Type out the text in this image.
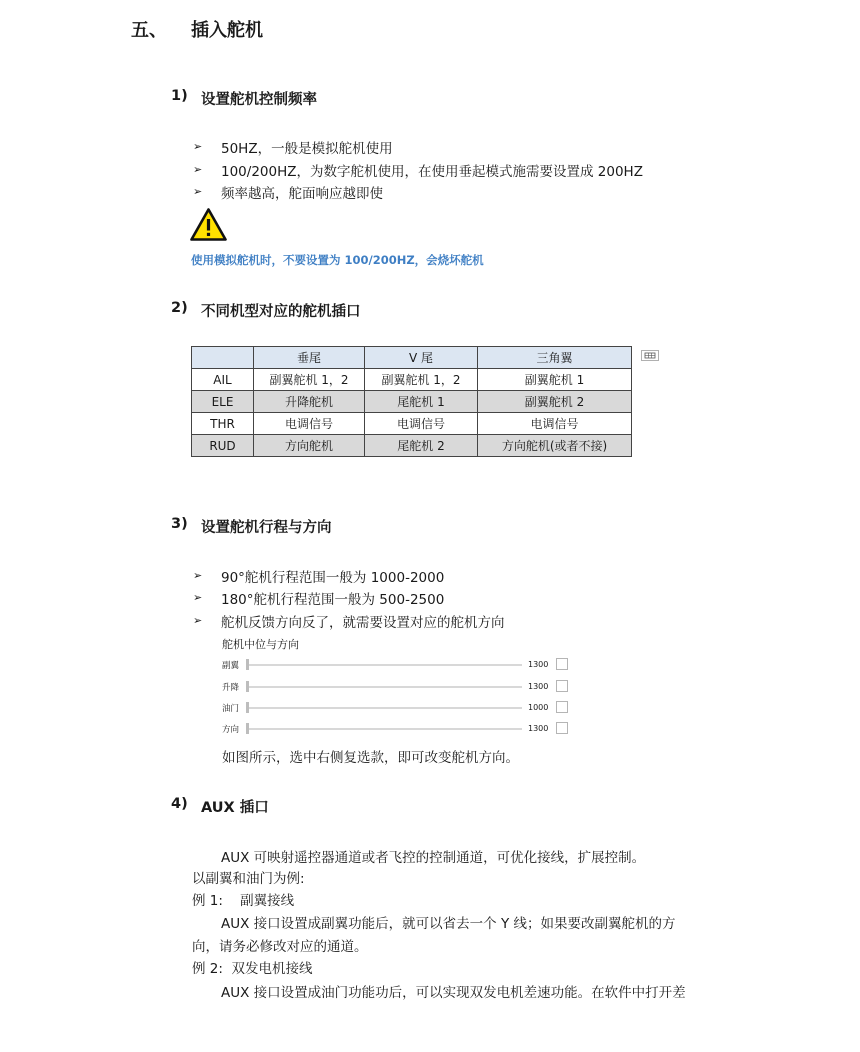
五、 插入舵机
1) 设置舵机控制频率
➢ 50HZ，一般是模拟舵机使用
➢ 100/200HZ，为数字舵机使用，在使用垂起模式施需要设置成 200HZ
➢ 频率越高，舵面响应越即使
使用模拟舵机时，不要设置为 100/200HZ，会烧坏舵机
2) 不同机型对应的舵机插口
	垂尾	V 尾	三角翼
AIL	副翼舵机 1，2	副翼舵机 1，2	副翼舵机 1
ELE	升降舵机	尾舵机 1	副翼舵机 2
THR	电调信号	电调信号	电调信号
RUD	方向舵机	尾舵机 2	方向舵机(或者不接)
3) 设置舵机行程与方向
➢ 90°舵机行程范围一般为 1000-2000
➢ 180°舵机行程范围一般为 500-2500
➢ 舵机反馈方向反了，就需要设置对应的舵机方向
舵机中位与方向
副翼	1300
升降	1300
油门	1000
方向	1300
如图所示，选中右侧复选款，即可改变舵机方向。
4) AUX 插口
AUX 可映射遥控器通道或者飞控的控制通道，可优化接线，扩展控制。
以副翼和油门为例:
例 1:    副翼接线
AUX 接口设置成副翼功能后，就可以省去一个 Y 线；如果要改副翼舵机的方
向，请务必修改对应的通道。
例 2:  双发电机接线
AUX 接口设置成油门功能功后，可以实现双发电机差速功能。在软件中打开差
